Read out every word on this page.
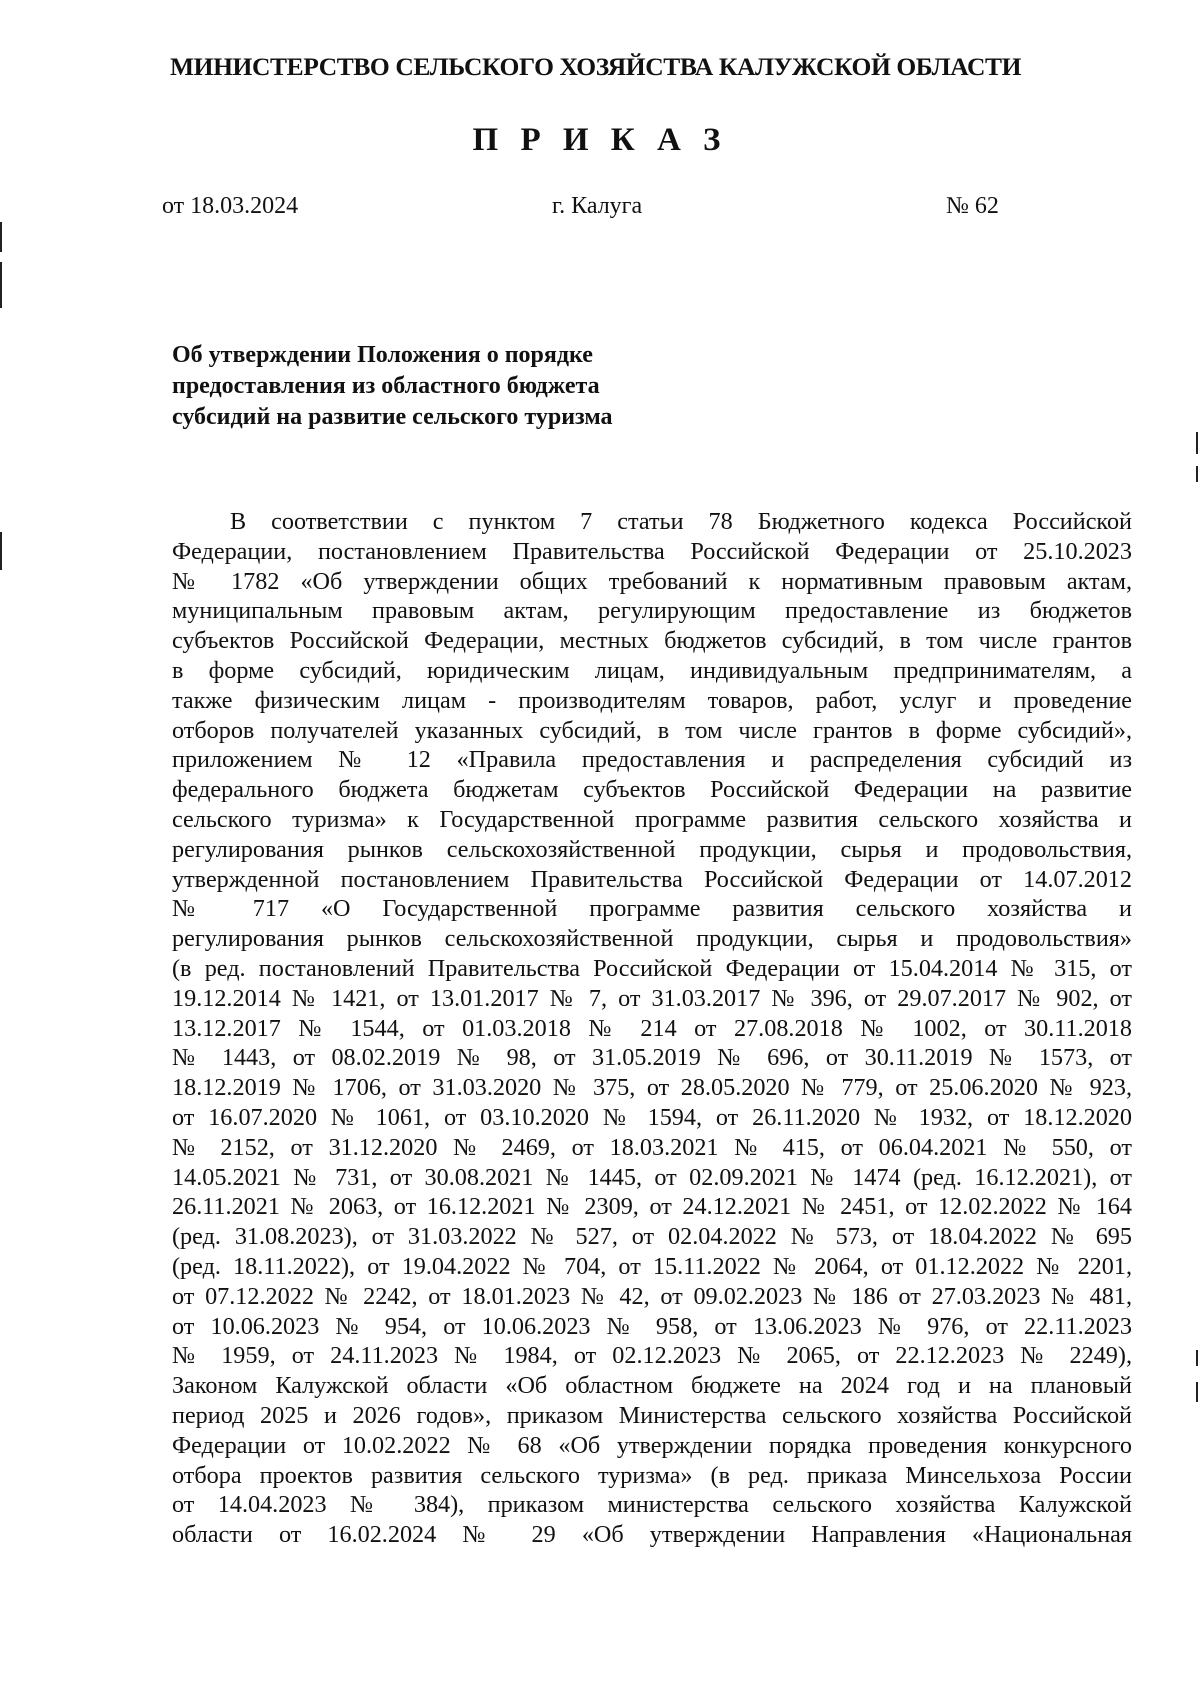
МИНИСТЕРСТВО СЕЛЬСКОГО ХОЗЯЙСТВА КАЛУЖСКОЙ ОБЛАСТИ
П Р И К А З
от 18.03.2024	г. Калуга	№ 62
Об утверждении Положения о порядке
предоставления из областного бюджета
субсидий на развитие сельского туризма
В соответствии с пунктом 7 статьи 78 Бюджетного кодекса Российской
Федерации, постановлением Правительства Российской Федерации от 25.10.2023
№ 1782 «Об утверждении общих требований к нормативным правовым актам,
муниципальным правовым актам, регулирующим предоставление из бюджетов
субъектов Российской Федерации, местных бюджетов субсидий, в том числе грантов
в форме субсидий, юридическим лицам, индивидуальным предпринимателям, а
также физическим лицам - производителям товаров, работ, услуг и проведение
отборов получателей указанных субсидий, в том числе грантов в форме субсидий»,
приложением № 12 «Правила предоставления и распределения субсидий из
федерального бюджета бюджетам субъектов Российской Федерации на развитие
сельского туризма» к Государственной программе развития сельского хозяйства и
регулирования рынков сельскохозяйственной продукции, сырья и продовольствия,
утвержденной постановлением Правительства Российской Федерации от 14.07.2012
№ 717 «О Государственной программе развития сельского хозяйства и
регулирования рынков сельскохозяйственной продукции, сырья и продовольствия»
(в ред. постановлений Правительства Российской Федерации от 15.04.2014 № 315, от
19.12.2014 № 1421, от 13.01.2017 № 7, от 31.03.2017 № 396, от 29.07.2017 № 902, от
13.12.2017 № 1544, от 01.03.2018 № 214 от 27.08.2018 № 1002, от 30.11.2018
№ 1443, от 08.02.2019 № 98, от 31.05.2019 № 696, от 30.11.2019 № 1573, от
18.12.2019 № 1706, от 31.03.2020 № 375, от 28.05.2020 № 779, от 25.06.2020 № 923,
от 16.07.2020 № 1061, от 03.10.2020 № 1594, от 26.11.2020 № 1932, от 18.12.2020
№ 2152, от 31.12.2020 № 2469, от 18.03.2021 № 415, от 06.04.2021 № 550, от
14.05.2021 № 731, от 30.08.2021 № 1445, от 02.09.2021 № 1474 (ред. 16.12.2021), от
26.11.2021 № 2063, от 16.12.2021 № 2309, от 24.12.2021 № 2451, от 12.02.2022 № 164
(ред. 31.08.2023), от 31.03.2022 № 527, от 02.04.2022 № 573, от 18.04.2022 № 695
(ред. 18.11.2022), от 19.04.2022 № 704, от 15.11.2022 № 2064, от 01.12.2022 № 2201,
от 07.12.2022 № 2242, от 18.01.2023 № 42, от 09.02.2023 № 186 от 27.03.2023 № 481,
от 10.06.2023 № 954, от 10.06.2023 № 958, от 13.06.2023 № 976, от 22.11.2023
№ 1959, от 24.11.2023 № 1984, от 02.12.2023 № 2065, от 22.12.2023 № 2249),
Законом Калужской области «Об областном бюджете на 2024 год и на плановый
период 2025 и 2026 годов», приказом Министерства сельского хозяйства Российской
Федерации от 10.02.2022 № 68 «Об утверждении порядка проведения конкурсного
отбора проектов развития сельского туризма» (в ред. приказа Минсельхоза России
от 14.04.2023 № 384), приказом министерства сельского хозяйства Калужской
области от 16.02.2024 № 29 «Об утверждении Направления «Национальная
